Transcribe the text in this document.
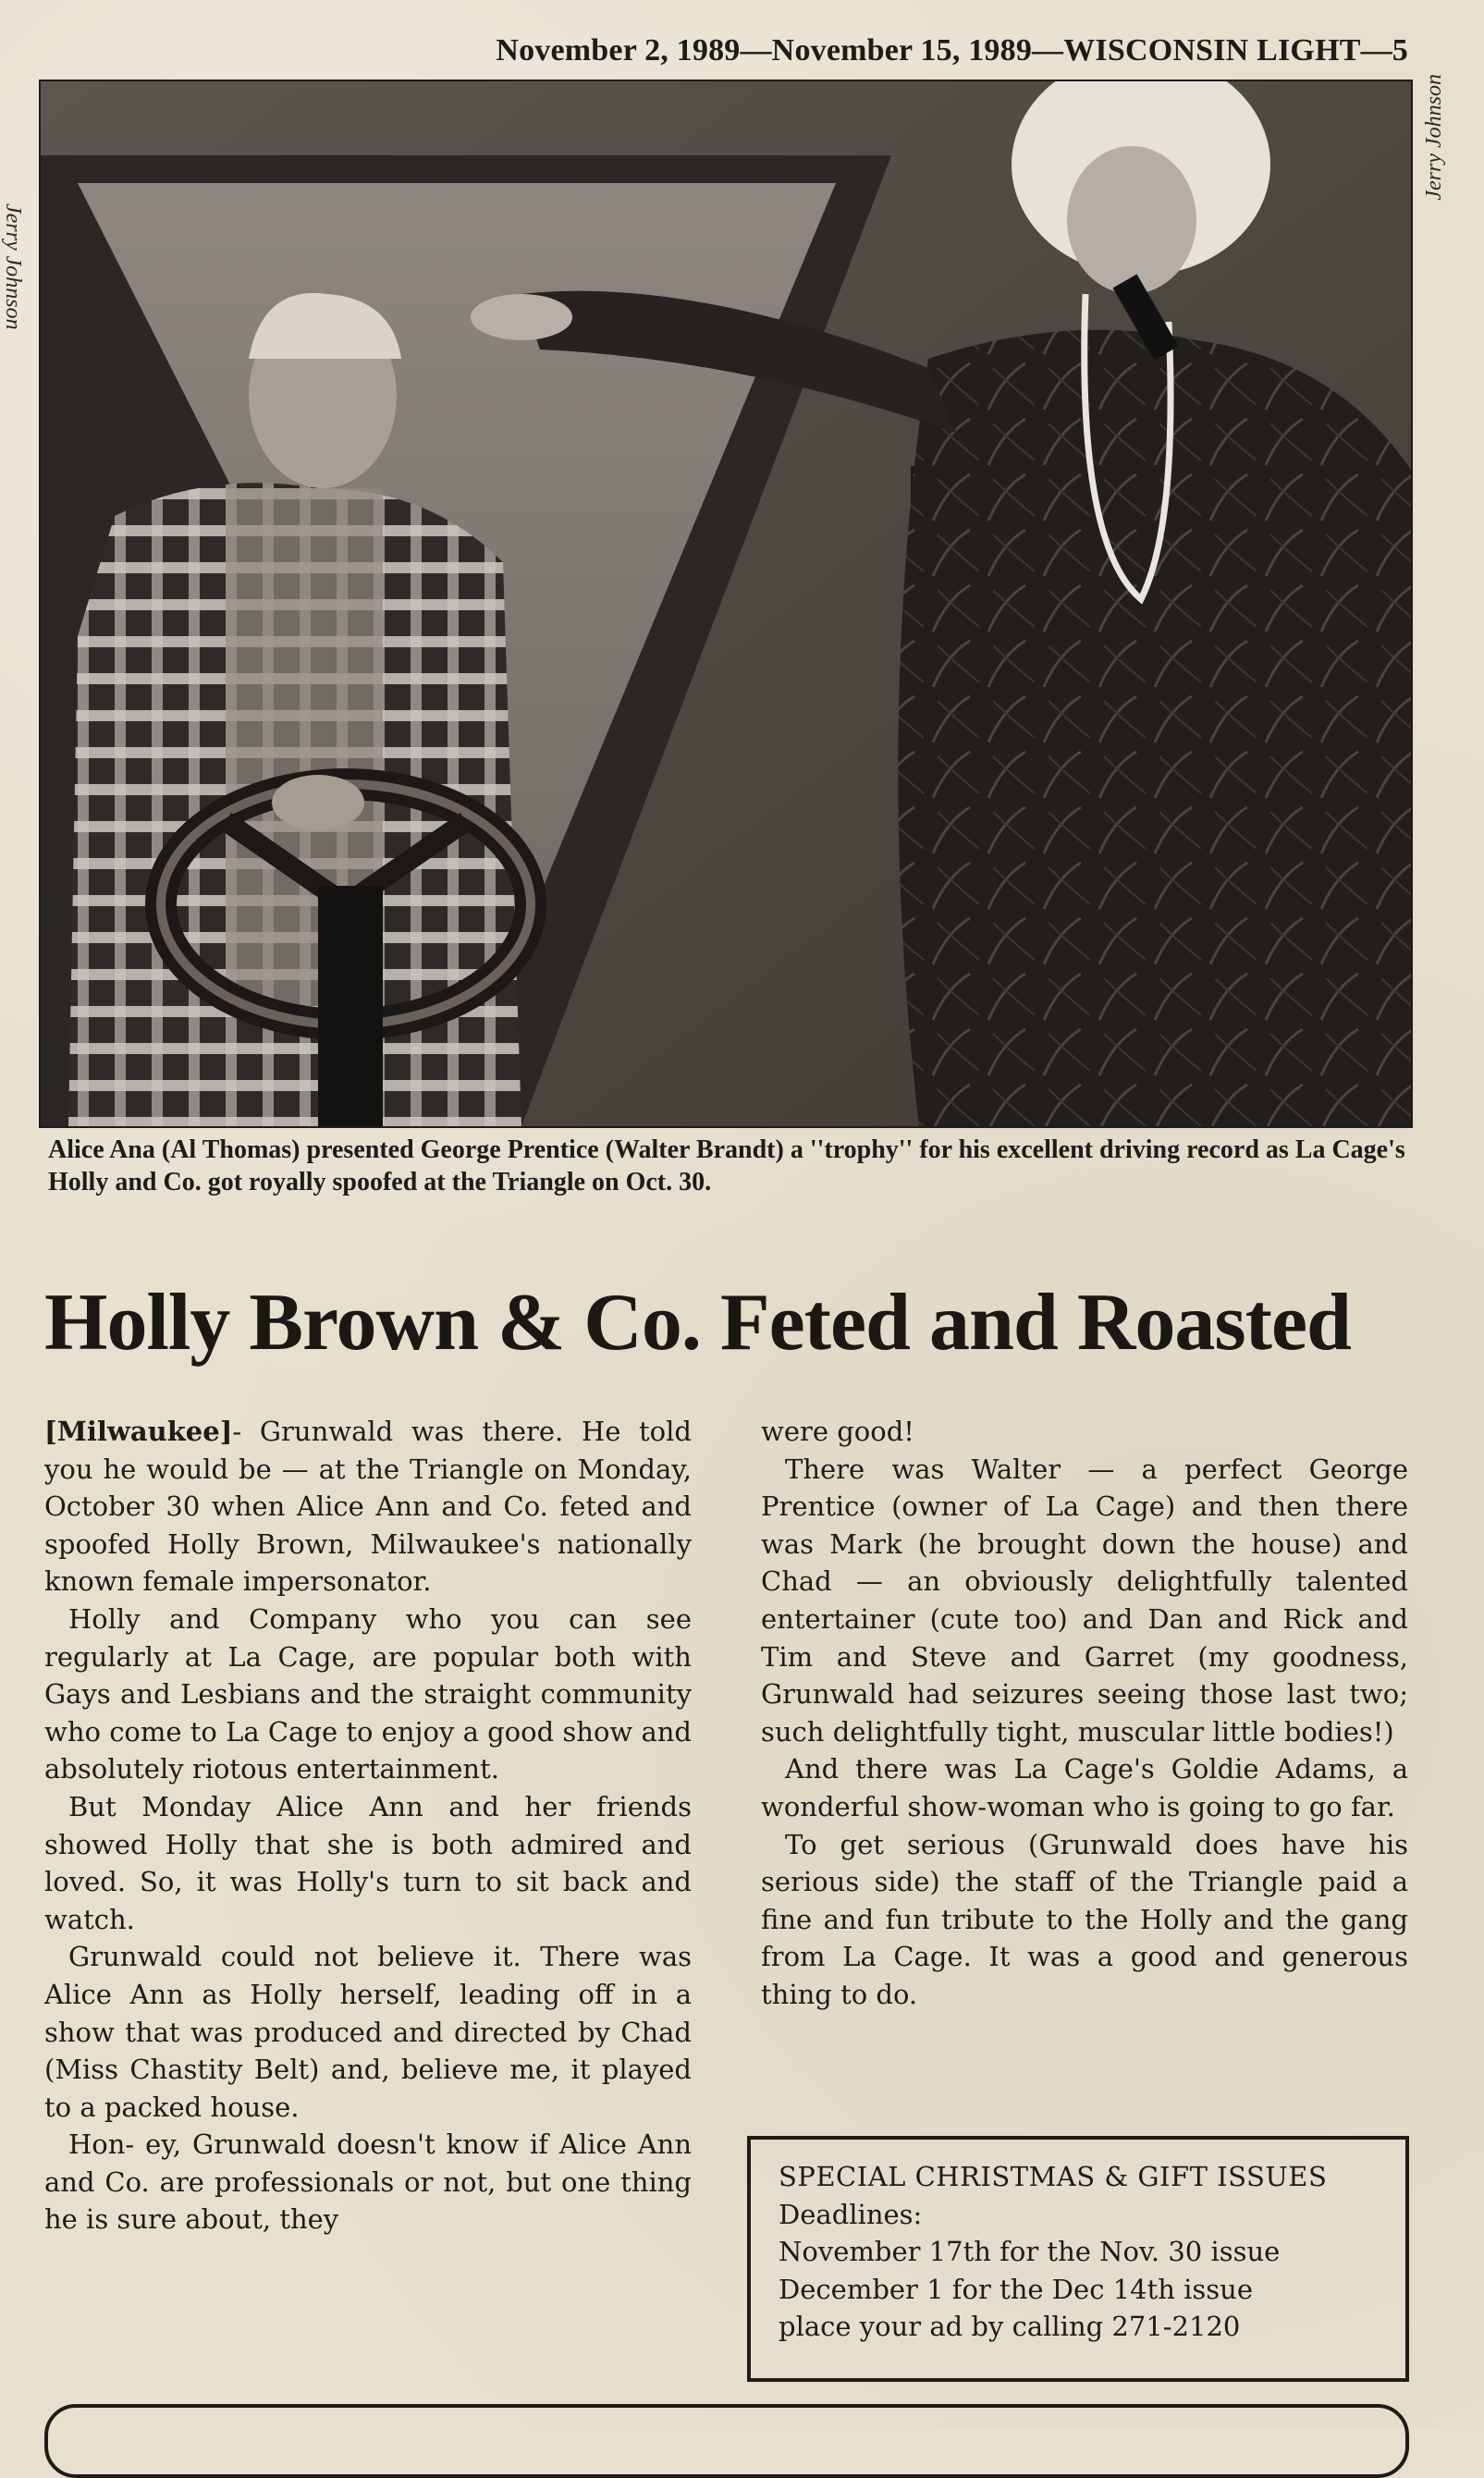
November 2, 1989—November 15, 1989—WISCONSIN LIGHT—5
Jerry Johnson
Jerry Johnson
Alice Ana (Al Thomas) presented George Prentice (Walter Brandt) a ''trophy'' for his excellent driving record as La Cage's Holly and Co. got royally spoofed at the Triangle on Oct. 30.
Holly Brown & Co. Feted and Roasted

[Milwaukee]- Grunwald was there. He told you he would be — at the Triangle on Monday, October 30 when Alice Ann and Co. feted and spoofed Holly Brown, Milwaukee's nationally known female impersonator.

Holly and Company who you can see regularly at La Cage, are popular both with Gays and Lesbians and the straight community who come to La Cage to enjoy a good show and absolutely riotous entertainment.

But Monday Alice Ann and her friends showed Holly that she is both admired and loved. So, it was Holly's turn to sit back and watch.

Grunwald could not believe it. There was Alice Ann as Holly herself, leading off in a show that was produced and directed by Chad (Miss Chastity Belt) and, believe me, it played to a packed house.

Hon- ey, Grunwald doesn't know if Alice Ann and Co. are professionals or not, but one thing he is sure about, they

were good!

There was Walter — a perfect George Prentice (owner of La Cage) and then there was Mark (he brought down the house) and Chad — an obviously delightfully talented entertainer (cute too) and Dan and Rick and Tim and Steve and Garret (my goodness, Grunwald had seizures seeing those last two; such delightfully tight, muscular little bodies!)

And there was La Cage's Goldie Adams, a wonderful show-woman who is going to go far.

To get serious (Grunwald does have his serious side) the staff of the Triangle paid a fine and fun tribute to the Holly and the gang from La Cage. It was a good and generous thing to do.

SPECIAL CHRISTMAS & GIFT ISSUES
Deadlines:
November 17th for the Nov. 30 issue
December 1 for the Dec 14th issue
place your ad by calling 271-2120
